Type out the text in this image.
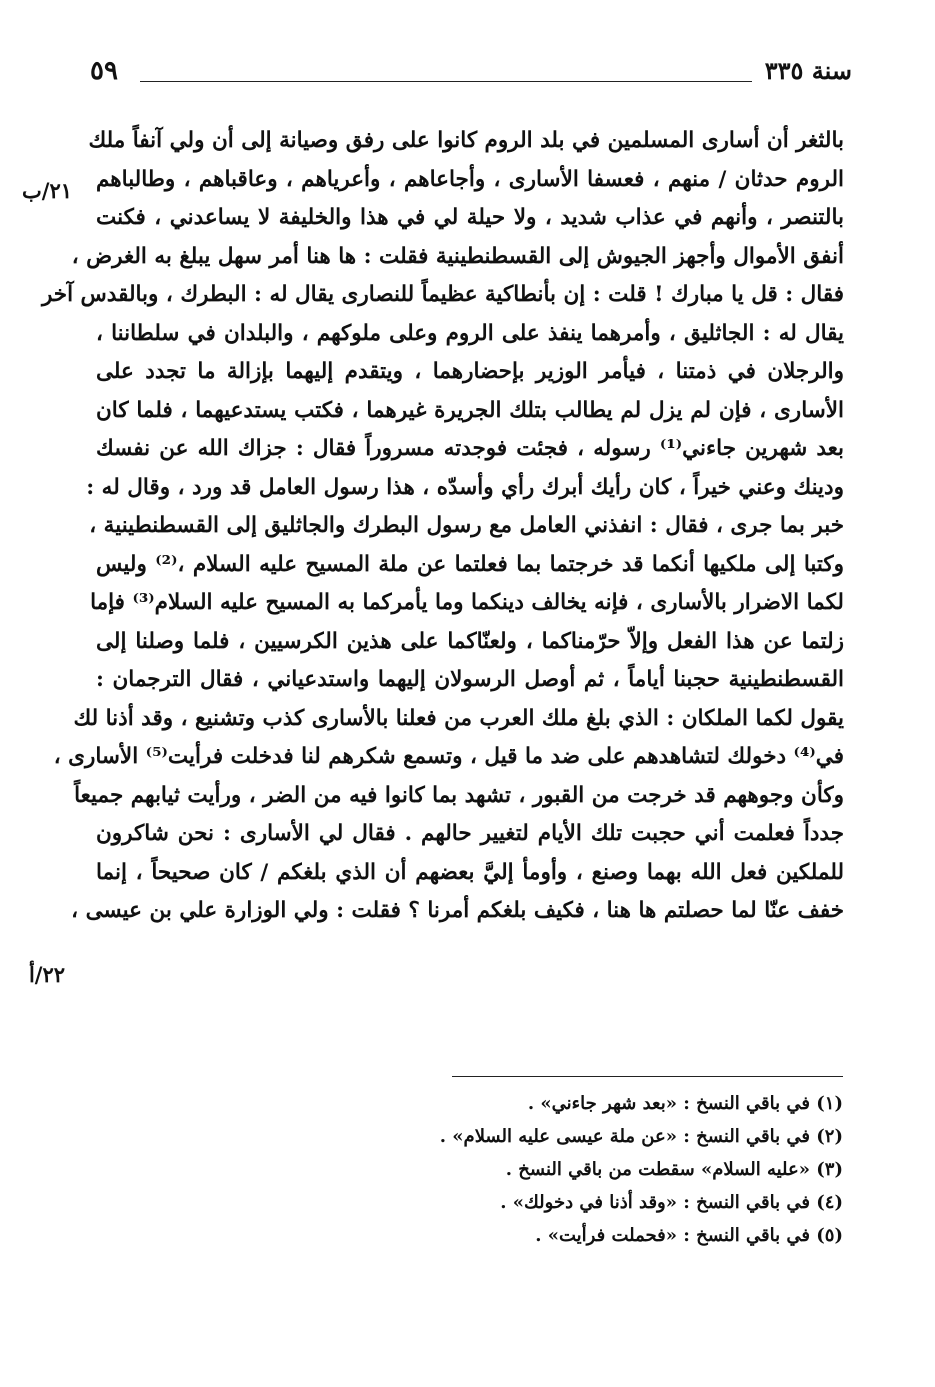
٥٩	سنة ٣٣٥
٢١/ب
٢٢/أ
بالثغر أن أسارى المسلمين في بلد الروم كانوا على رفق وصيانة إلى أن ولي آنفاً ملك
الروم حدثان / منهم ، فعسفا الأسارى ، وأجاعاهم ، وأعرياهم ، وعاقباهم ، وطالباهم
بالتنصر ، وأنهم في عذاب شديد ، ولا حيلة لي في هذا والخليفة لا يساعدني ، فكنت
أنفق الأموال وأجهز الجيوش إلى القسطنطينية فقلت : ها هنا أمر سهل يبلغ به الغرض ،
فقال : قل يا مبارك ! قلت : إن بأنطاكية عظيماً للنصارى يقال له : البطرك ، وبالقدس آخر
يقال له : الجاثليق ، وأمرهما ينفذ على الروم وعلى ملوكهم ، والبلدان في سلطاننا ،
والرجلان في ذمتنا ، فيأمر الوزير بإحضارهما ، ويتقدم إليهما بإزالة ما تجدد على
الأسارى ، فإن لم يزل لم يطالب بتلك الجريرة غيرهما ، فكتب يستدعيهما ، فلما كان
بعد شهرين جاءني⁽¹⁾ رسوله ، فجئت فوجدته مسروراً فقال : جزاك الله عن نفسك
ودينك وعني خيراً ، كان رأيك أبرك رأي وأسدّه ، هذا رسول العامل قد ورد ، وقال له :
خبر بما جرى ، فقال : انفذني العامل مع رسول البطرك والجاثليق إلى القسطنطينية ،
وكتبا إلى ملكيها أنكما قد خرجتما بما فعلتما عن ملة المسيح عليه السلام ،⁽²⁾ وليس
لكما الاضرار بالأسارى ، فإنه يخالف دينكما وما يأمركما به المسيح عليه السلام⁽³⁾ فإما
زلتما عن هذا الفعل وإلاّ حرّمناكما ، ولعنّاكما على هذين الكرسيين ، فلما وصلنا إلى
القسطنطينية حجبنا أياماً ، ثم أوصل الرسولان إليهما واستدعياني ، فقال الترجمان :
يقول لكما الملكان : الذي بلغ ملك العرب من فعلنا بالأسارى كذب وتشنيع ، وقد أذنا لك
في⁽⁴⁾ دخولك لتشاهدهم على ضد ما قيل ، وتسمع شكرهم لنا فدخلت فرأيت⁽⁵⁾ الأسارى ،
وكأن وجوههم قد خرجت من القبور ، تشهد بما كانوا فيه من الضر ، ورأيت ثيابهم جميعاً
جدداً فعلمت أني حجبت تلك الأيام لتغيير حالهم . فقال لي الأسارى : نحن شاكرون
للملكين فعل الله بهما وصنع ، وأومأ إليَّ بعضهم أن الذي بلغكم / كان صحيحاً ، إنما
خفف عنّا لما حصلتم ها هنا ، فكيف بلغكم أمرنا ؟ فقلت : ولي الوزارة علي بن عيسى ،
(١) في باقي النسخ : «بعد شهر جاءني» .
(٢) في باقي النسخ : «عن ملة عيسى عليه السلام» .
(٣) «عليه السلام» سقطت من باقي النسخ .
(٤) في باقي النسخ : «وقد أذنا في دخولك» .
(٥) في باقي النسخ : «فحملت فرأيت» .
